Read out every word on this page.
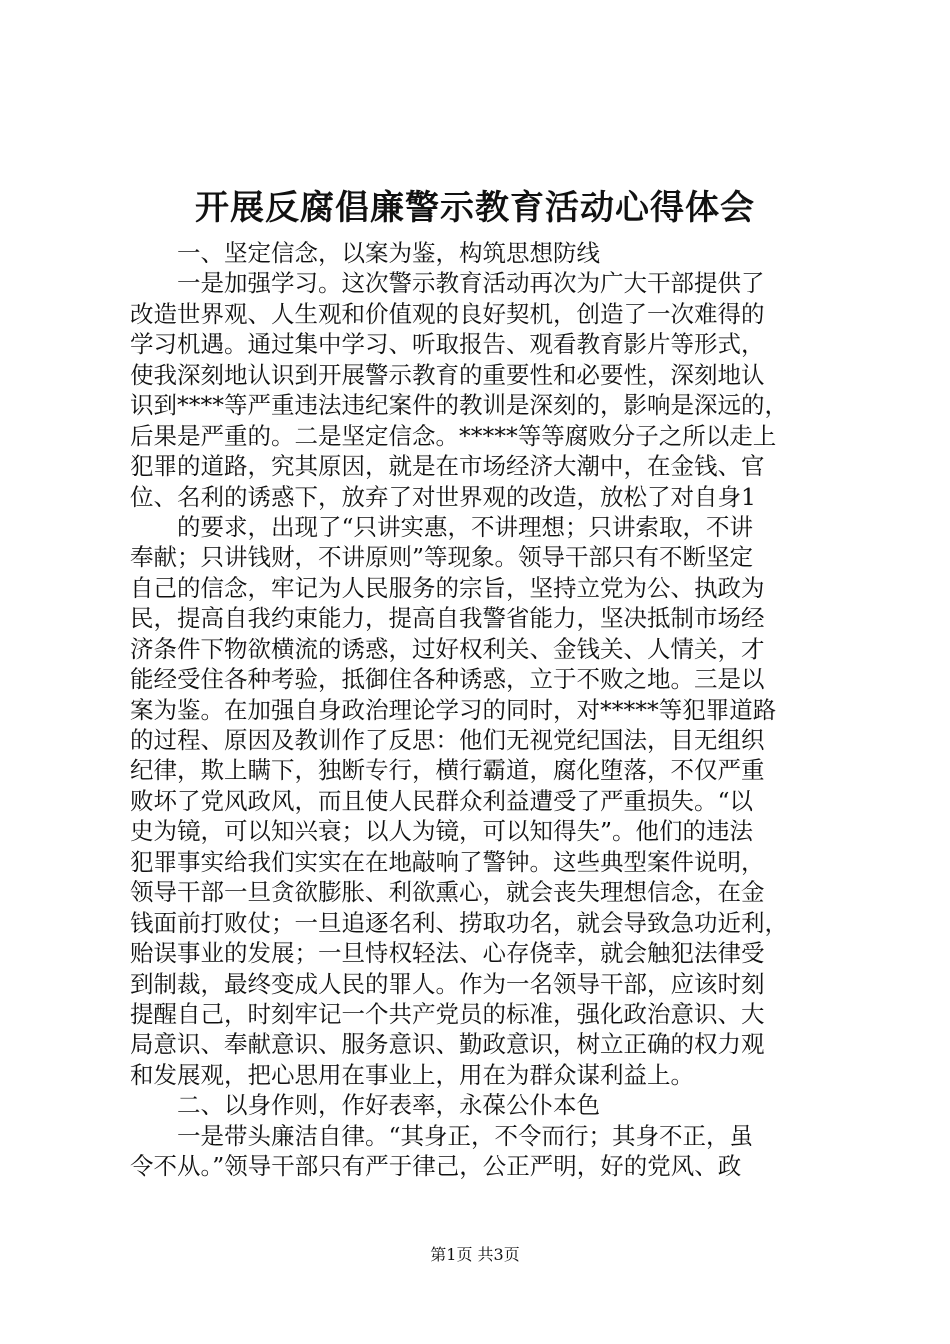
开展反腐倡廉警示教育活动心得体会
一、坚定信念，以案为鉴，构筑思想防线
一是加强学习。这次警示教育活动再次为广大干部提供了
改造世界观、人生观和价值观的良好契机，创造了一次难得的
学习机遇。通过集中学习、听取报告、观看教育影片等形式，
使我深刻地认识到开展警示教育的重要性和必要性，深刻地认
识到****等严重违法违纪案件的教训是深刻的，影响是深远的，
后果是严重的。二是坚定信念。*****等等腐败分子之所以走上
犯罪的道路，究其原因，就是在市场经济大潮中，在金钱、官
位、名利的诱惑下，放弃了对世界观的改造，放松了对自身1
的要求，出现了“只讲实惠，不讲理想；只讲索取，不讲
奉献；只讲钱财，不讲原则”等现象。领导干部只有不断坚定
自己的信念，牢记为人民服务的宗旨，坚持立党为公、执政为
民，提高自我约束能力，提高自我警省能力，坚决抵制市场经
济条件下物欲横流的诱惑，过好权利关、金钱关、人情关，才
能经受住各种考验，抵御住各种诱惑，立于不败之地。三是以
案为鉴。在加强自身政治理论学习的同时，对*****等犯罪道路
的过程、原因及教训作了反思：他们无视党纪国法，目无组织
纪律，欺上瞒下，独断专行，横行霸道，腐化堕落，不仅严重
败坏了党风政风，而且使人民群众利益遭受了严重损失。“以
史为镜，可以知兴衰；以人为镜，可以知得失”。他们的违法
犯罪事实给我们实实在在地敲响了警钟。这些典型案件说明，
领导干部一旦贪欲膨胀、利欲熏心，就会丧失理想信念，在金
钱面前打败仗；一旦追逐名利、捞取功名，就会导致急功近利，
贻误事业的发展；一旦恃权轻法、心存侥幸，就会触犯法律受
到制裁，最终变成人民的罪人。作为一名领导干部，应该时刻
提醒自己，时刻牢记一个共产党员的标准，强化政治意识、大
局意识、奉献意识、服务意识、勤政意识，树立正确的权力观
和发展观，把心思用在事业上，用在为群众谋利益上。
二、以身作则，作好表率，永葆公仆本色
一是带头廉洁自律。“其身正，不令而行；其身不正，虽
令不从。”领导干部只有严于律己，公正严明，好的党风、政
第1页 共3页
